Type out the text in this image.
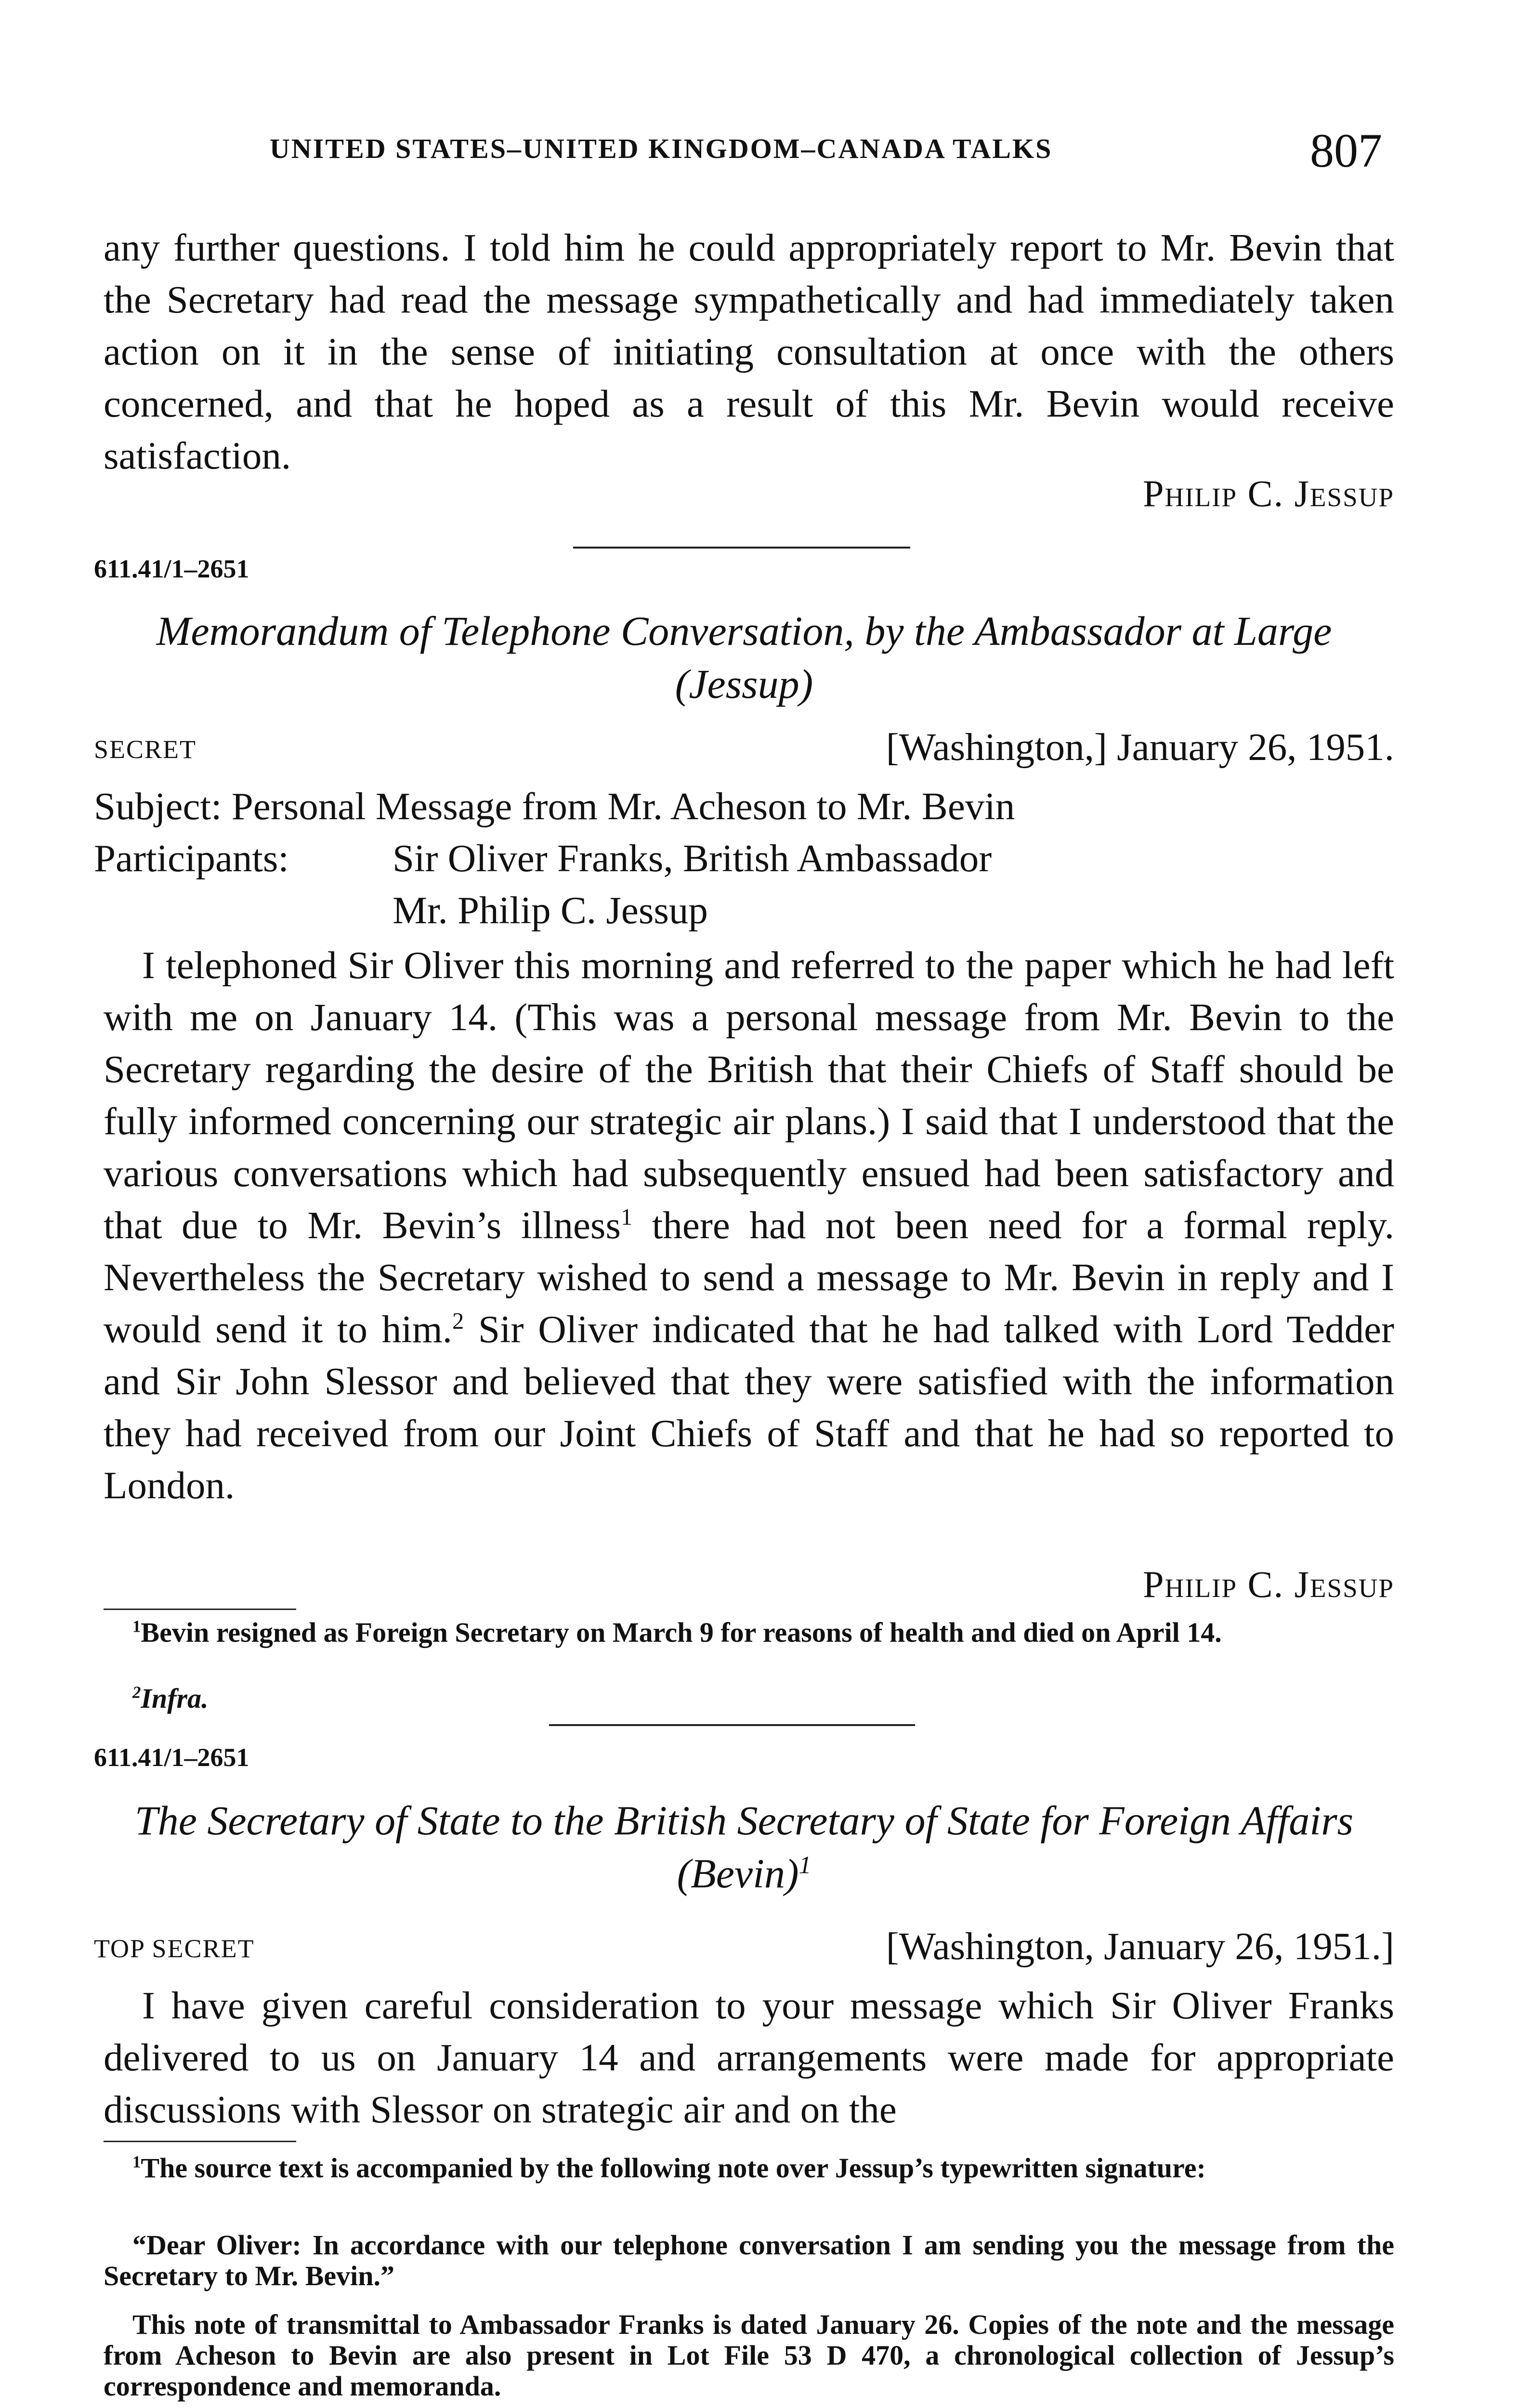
UNITED STATES–UNITED KINGDOM–CANADA TALKS	807

any further questions. I told him he could appropriately report to Mr. Bevin that the Secretary had read the message sympathetically and had immediately taken action on it in the sense of initiating consultation at once with the others concerned, and that he hoped as a result of this Mr. Bevin would receive satisfaction.

Philip C. Jessup
611.41/1–2651
Memorandum of Telephone Conversation, by the Ambassador at Large (Jessup)
SECRET	[Washington,] January 26, 1951.
Subject: Personal Message from Mr. Acheson to Mr. Bevin
Participants:	Sir Oliver Franks, British Ambassador
Mr. Philip C. Jessup

I telephoned Sir Oliver this morning and referred to the paper which he had left with me on January 14. (This was a personal message from Mr. Bevin to the Secretary regarding the desire of the British that their Chiefs of Staff should be fully informed concerning our strategic air plans.) I said that I understood that the various conversations which had subsequently ensued had been satisfactory and that due to Mr. Bevin’s illness$^1$ there had not been need for a formal reply. Nevertheless the Secretary wished to send a message to Mr. Bevin in reply and I would send it to him.$^2$ Sir Oliver indicated that he had talked with Lord Tedder and Sir John Slessor and believed that they were satisfied with the information they had received from our Joint Chiefs of Staff and that he had so reported to London.

Philip C. Jessup

$^1$Bevin resigned as Foreign Secretary on March 9 for reasons of health and died on April 14.

$^2$Infra.

611.41/1–2651
The Secretary of State to the British Secretary of State for Foreign Affairs (Bevin)$^1$
TOP SECRET	[Washington, January 26, 1951.]

I have given careful consideration to your message which Sir Oliver Franks delivered to us on January 14 and arrangements were made for appropriate discussions with Slessor on strategic air and on the

$^1$The source text is accompanied by the following note over Jessup’s typewritten signature:

“Dear Oliver: In accordance with our telephone conversation I am sending you the message from the Secretary to Mr. Bevin.”

This note of transmittal to Ambassador Franks is dated January 26. Copies of the note and the message from Acheson to Bevin are also present in Lot File 53 D 470, a chronological collection of Jessup’s correspondence and memoranda.
